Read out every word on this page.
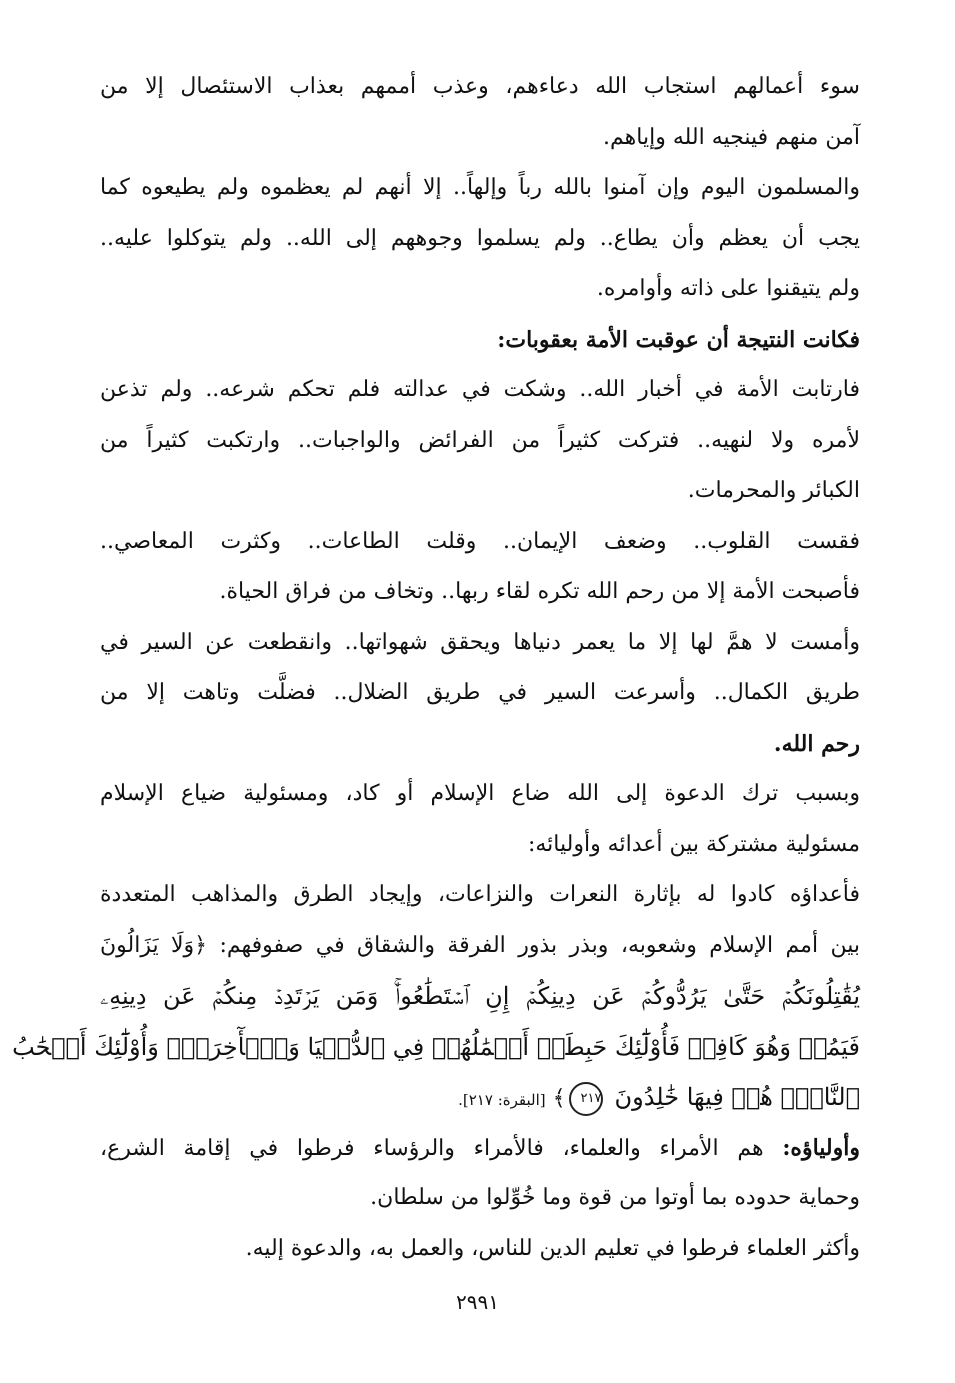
سوء أعمالهم استجاب الله دعاءهم، وعذب أممهم بعذاب الاستئصال إلا من
آمن منهم فينجيه الله وإياهم.
والمسلمون اليوم وإن آمنوا بالله رباً وإلهاً.. إلا أنهم لم يعظموه ولم يطيعوه كما
يجب أن يعظم وأن يطاع.. ولم يسلموا وجوههم إلى الله.. ولم يتوكلوا عليه..
ولم يتيقنوا على ذاته وأوامره.
فكانت النتيجة أن عوقبت الأمة بعقوبات:
فارتابت الأمة في أخبار الله.. وشكت في عدالته فلم تحكم شرعه.. ولم تذعن
لأمره ولا لنهيه.. فتركت كثيراً من الفرائض والواجبات.. وارتكبت كثيراً من
الكبائر والمحرمات.
فقست القلوب.. وضعف الإيمان.. وقلت الطاعات.. وكثرت المعاصي..
فأصبحت الأمة إلا من رحم الله تكره لقاء ربها.. وتخاف من فراق الحياة.
وأمست لا همَّ لها إلا ما يعمر دنياها ويحقق شهواتها.. وانقطعت عن السير في
طريق الكمال.. وأسرعت السير في طريق الضلال.. فضلَّت وتاهت إلا من
رحم الله.
وبسبب ترك الدعوة إلى الله ضاع الإسلام أو كاد، ومسئولية ضياع الإسلام
مسئولية مشتركة بين أعدائه وأوليائه:
فأعداؤه كادوا له بإثارة النعرات والنزاعات، وإيجاد الطرق والمذاهب المتعددة
بين أمم الإسلام وشعوبه، وبذر بذور الفرقة والشقاق في صفوفهم: ﴿وَلَا يَزَالُونَ
يُقَٰتِلُونَكُمۡ حَتَّىٰ يَرُدُّوكُمۡ عَن دِينِكُمۡ إِنِ ٱسۡتَطَٰعُواْۚ وَمَن يَرۡتَدِدۡ مِنكُمۡ عَن دِينِهِۦ
فَيَمُتۡ وَهُوَ كَافِرٞ فَأُوْلَٰٓئِكَ حَبِطَتۡ أَعۡمَٰلُهُمۡ فِي ٱلدُّنۡيَا وَٱلۡأٓخِرَةِۖ وَأُوْلَٰٓئِكَ أَصۡحَٰبُ
ٱلنَّارِۖ هُمۡ فِيهَا خَٰلِدُونَ ٢١٧﴾ [البقرة: ٢١٧].
وأولياؤه: هم الأمراء والعلماء، فالأمراء والرؤساء فرطوا في إقامة الشرع،
وحماية حدوده بما أوتوا من قوة وما خُوِّلوا من سلطان.
وأكثر العلماء فرطوا في تعليم الدين للناس، والعمل به، والدعوة إليه.
٢٩٩١
